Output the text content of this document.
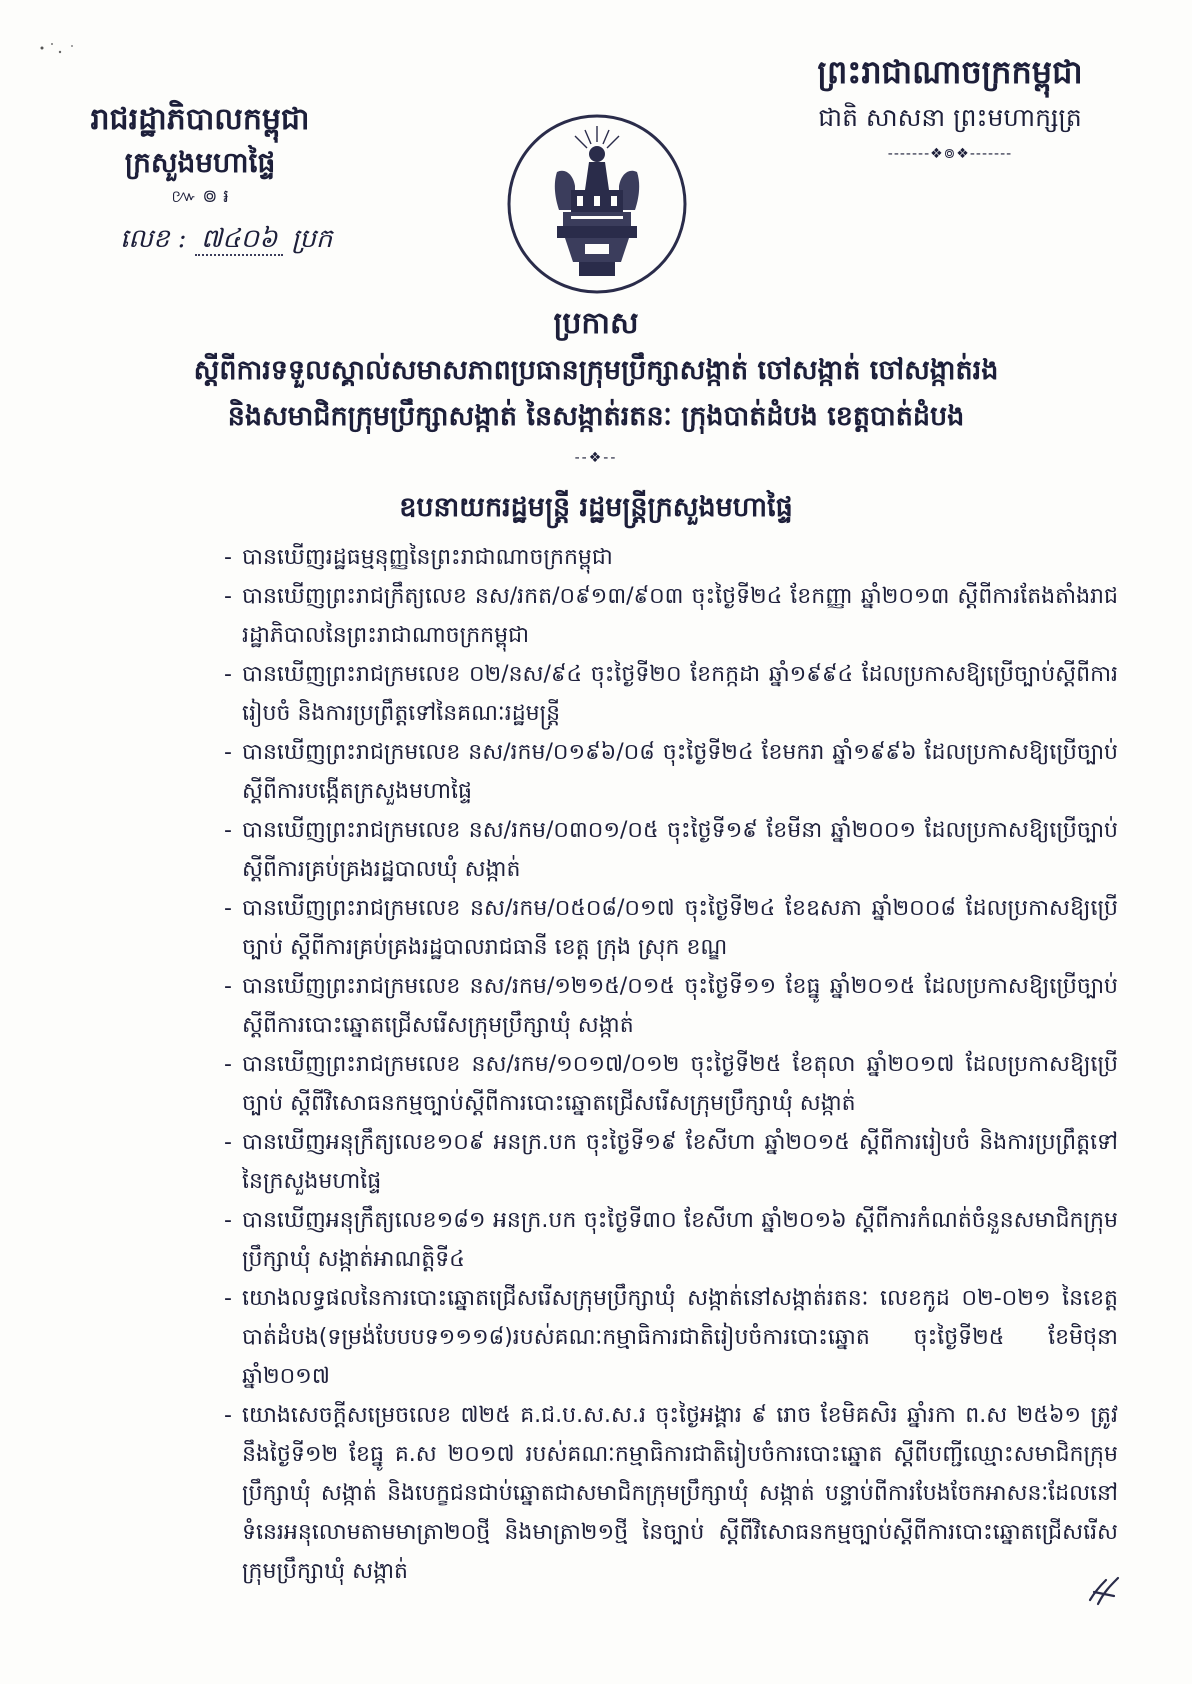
រាជរដ្ឋាភិបាលកម្ពុជា
ក្រសួងមហាផ្ទៃ
៚ ៙ ៛
លេខ : ៧៤០៦ ប្រក
ព្រះរាជាណាចក្រកម្ពុជា
ជាតិ សាសនា ព្រះមហាក្សត្រ
-------❖៙❖-------
ប្រកាស
ស្តីពីការទទួលស្គាល់សមាសភាពប្រធានក្រុមប្រឹក្សាសង្កាត់ ចៅសង្កាត់ ចៅសង្កាត់រង
និងសមាជិកក្រុមប្រឹក្សាសង្កាត់ នៃសង្កាត់រតនៈ ក្រុងបាត់ដំបង ខេត្តបាត់ដំបង
--❖--
ឧបនាយករដ្ឋមន្ត្រី រដ្ឋមន្ត្រីក្រសួងមហាផ្ទៃ
- បានឃើញរដ្ឋធម្មនុញ្ញនៃព្រះរាជាណាចក្រកម្ពុជា
- បានឃើញព្រះរាជក្រឹត្យលេខ នស/រកត/០៩១៣/៩០៣ ចុះថ្ងៃទី២៤ ខែកញ្ញា ឆ្នាំ២០១៣ ស្តីពីការតែងតាំងរាជរដ្ឋាភិបាលនៃព្រះរាជាណាចក្រកម្ពុជា
- បានឃើញព្រះរាជក្រមលេខ ០២/នស/៩៤ ចុះថ្ងៃទី២០ ខែកក្កដា ឆ្នាំ១៩៩៤ ដែលប្រកាសឱ្យប្រើច្បាប់ស្តីពីការរៀបចំ និងការប្រព្រឹត្តទៅនៃគណៈរដ្ឋមន្ត្រី
- បានឃើញព្រះរាជក្រមលេខ នស/រកម/០១៩៦/០៨ ចុះថ្ងៃទី២៤ ខែមករា ឆ្នាំ១៩៩៦ ដែលប្រកាសឱ្យប្រើច្បាប់ ស្តីពីការបង្កើតក្រសួងមហាផ្ទៃ
- បានឃើញព្រះរាជក្រមលេខ នស/រកម/០៣០១/០៥ ចុះថ្ងៃទី១៩ ខែមីនា ឆ្នាំ២០០១ ដែលប្រកាសឱ្យប្រើច្បាប់ ស្តីពីការគ្រប់គ្រងរដ្ឋបាលឃុំ សង្កាត់
- បានឃើញព្រះរាជក្រមលេខ នស/រកម/០៥០៨/០១៧ ចុះថ្ងៃទី២៤ ខែឧសភា ឆ្នាំ២០០៨ ដែលប្រកាសឱ្យប្រើច្បាប់ ស្តីពីការគ្រប់គ្រងរដ្ឋបាលរាជធានី ខេត្ត ក្រុង ស្រុក ខណ្ឌ
- បានឃើញព្រះរាជក្រមលេខ នស/រកម/១២១៥/០១៥ ចុះថ្ងៃទី១១ ខែធ្នូ ឆ្នាំ២០១៥ ដែលប្រកាសឱ្យប្រើច្បាប់ ស្តីពីការបោះឆ្នោតជ្រើសរើសក្រុមប្រឹក្សាឃុំ សង្កាត់
- បានឃើញព្រះរាជក្រមលេខ នស/រកម/១០១៧/០១២ ចុះថ្ងៃទី២៥ ខែតុលា ឆ្នាំ២០១៧ ដែលប្រកាសឱ្យប្រើច្បាប់ ស្តីពីវិសោធនកម្មច្បាប់ស្តីពីការបោះឆ្នោតជ្រើសរើសក្រុមប្រឹក្សាឃុំ សង្កាត់
- បានឃើញអនុក្រឹត្យលេខ១០៩ អនក្រ.បក ចុះថ្ងៃទី១៩ ខែសីហា ឆ្នាំ២០១៥ ស្តីពីការរៀបចំ និងការប្រព្រឹត្តទៅនៃក្រសួងមហាផ្ទៃ
- បានឃើញអនុក្រឹត្យលេខ១៨១ អនក្រ.បក ចុះថ្ងៃទី៣០ ខែសីហា ឆ្នាំ២០១៦ ស្តីពីការកំណត់ចំនួនសមាជិកក្រុមប្រឹក្សាឃុំ សង្កាត់អាណត្តិទី៤
- យោងលទ្ធផលនៃការបោះឆ្នោតជ្រើសរើសក្រុមប្រឹក្សាឃុំ សង្កាត់នៅសង្កាត់រតនៈ លេខកូដ ០២-០២១ នៃខេត្តបាត់ដំបង(ទម្រង់បែបបទ១១១៨)របស់គណៈកម្មាធិការជាតិរៀបចំការបោះឆ្នោត ចុះថ្ងៃទី២៥ ខែមិថុនា ឆ្នាំ២០១៧
- យោងសេចក្តីសម្រេចលេខ ៧២៥ គ.ជ.ប.ស.ស.រ ចុះថ្ងៃអង្គារ ៩ រោច ខែមិគសិរ ឆ្នាំរកា ព.ស ២៥៦១ ត្រូវនឹងថ្ងៃទី១២ ខែធ្នូ គ.ស ២០១៧ របស់គណៈកម្មាធិការជាតិរៀបចំការបោះឆ្នោត ស្តីពីបញ្ជីឈ្មោះសមាជិកក្រុមប្រឹក្សាឃុំ សង្កាត់ និងបេក្ខជនជាប់ឆ្នោតជាសមាជិកក្រុមប្រឹក្សាឃុំ សង្កាត់ បន្ទាប់ពីការបែងចែកអាសនៈដែលនៅទំនេរអនុលោមតាមមាត្រា២០ថ្មី និងមាត្រា២១ថ្មី នៃច្បាប់ ស្តីពីវិសោធនកម្មច្បាប់ស្តីពីការបោះឆ្នោតជ្រើសរើសក្រុមប្រឹក្សាឃុំ សង្កាត់
